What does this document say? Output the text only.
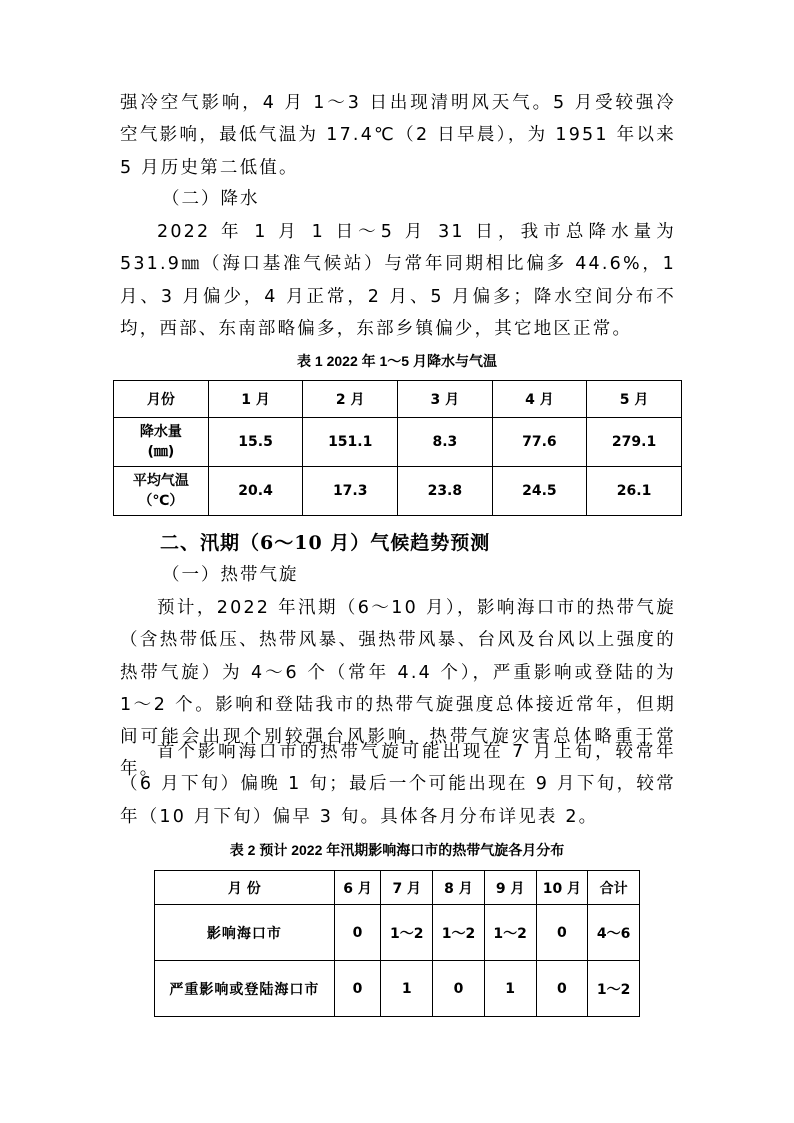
强冷空气影响，4 月 1～3 日出现清明风天气。5 月受较强冷空气影响，最低气温为 17.4℃（2 日早晨），为 1951 年以来 5 月历史第二低值。

（二）降水

2022 年 1 月 1 日～5 月 31 日，我市总降水量为 531.9㎜（海口基准气候站）与常年同期相比偏多 44.6%，1 月、3 月偏少，4 月正常，2 月、5 月偏多；降水空间分布不均，西部、东南部略偏多，东部乡镇偏少，其它地区正常。

表 1 2022 年 1～5 月降水与气温
月份	1 月	2 月	3 月	4 月	5 月

降水量
(㎜)	15.5	151.1	8.3	77.6	279.1

平均气温
（℃）	20.4	17.3	23.8	24.5	26.1
二、汛期（6～10 月）气候趋势预测
（一）热带气旋

预计，2022 年汛期（6～10 月），影响海口市的热带气旋（含热带低压、热带风暴、强热带风暴、台风及台风以上强度的热带气旋）为 4～6 个（常年 4.4 个），严重影响或登陆的为 1～2 个。影响和登陆我市的热带气旋强度总体接近常年，但期间可能会出现个别较强台风影响，热带气旋灾害总体略重于常年。

首个影响海口市的热带气旋可能出现在 7 月上旬，较常年（6 月下旬）偏晚 1 旬；最后一个可能出现在 9 月下旬，较常年（10 月下旬）偏早 3 旬。具体各月分布详见表 2。

表 2 预计 2022 年汛期影响海口市的热带气旋各月分布
月 份	6 月	7 月	8 月	9 月	10 月	合计
影响海口市	0	1～2	1～2	1～2	0	4～6
严重影响或登陆海口市	0	1	0	1	0	1～2
